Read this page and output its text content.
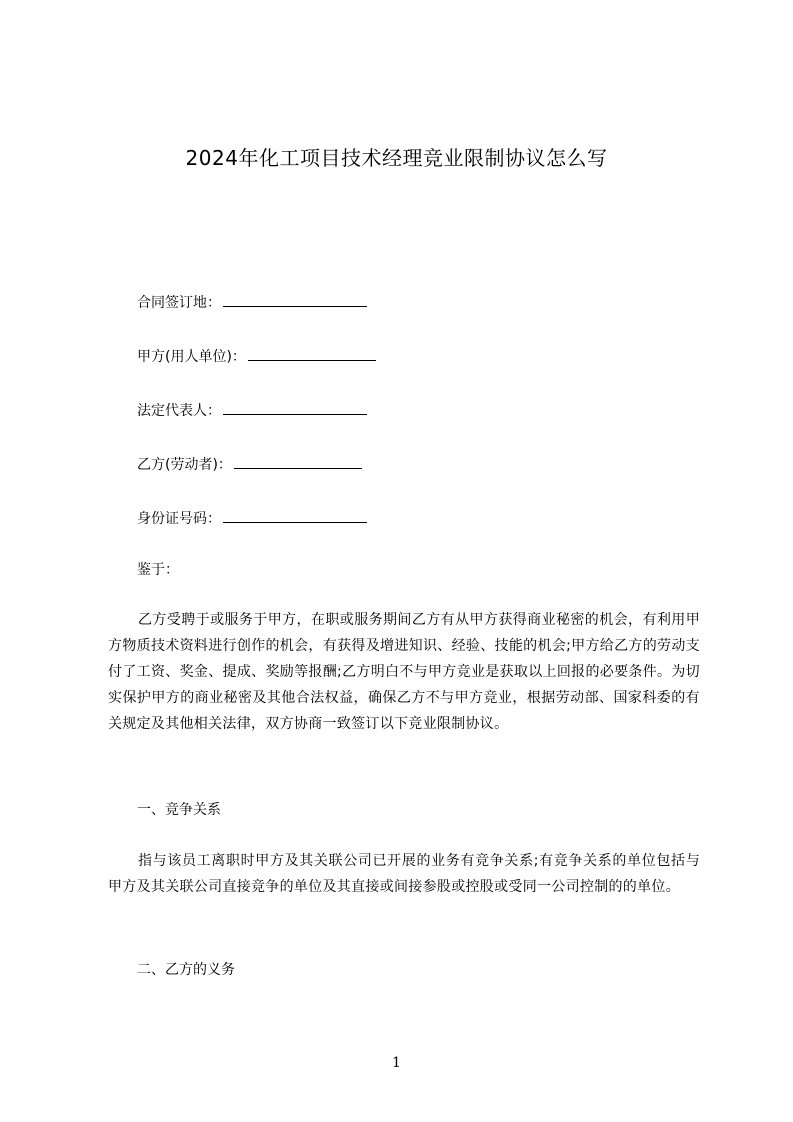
2024年化工项目技术经理竞业限制协议怎么写
合同签订地：
甲方(用人单位)：
法定代表人：
乙方(劳动者)：
身份证号码：
鉴于：
乙方受聘于或服务于甲方，在职或服务期间乙方有从甲方获得商业秘密的机会，有利用甲方物质技术资料进行创作的机会，有获得及增进知识、经验、技能的机会;甲方给乙方的劳动支付了工资、奖金、提成、奖励等报酬;乙方明白不与甲方竞业是获取以上回报的必要条件。为切实保护甲方的商业秘密及其他合法权益，确保乙方不与甲方竞业，根据劳动部、国家科委的有关规定及其他相关法律，双方协商一致签订以下竞业限制协议。
一、竞争关系
指与该员工离职时甲方及其关联公司已开展的业务有竞争关系;有竞争关系的单位包括与甲方及其关联公司直接竞争的单位及其直接或间接参股或控股或受同一公司控制的的单位。
二、乙方的义务
1
